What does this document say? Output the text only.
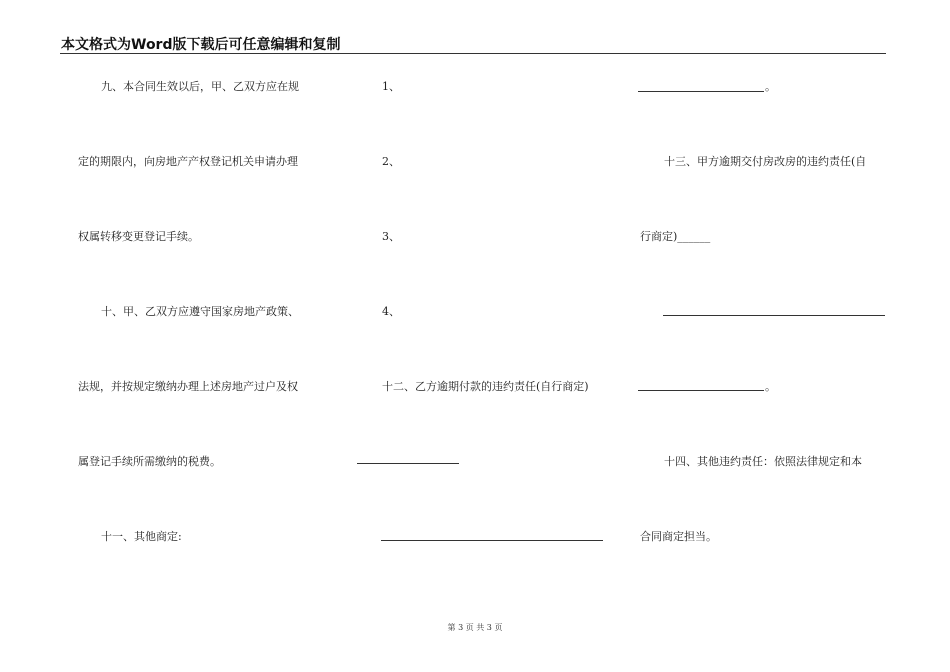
本文格式为Word版下载后可任意编辑和复制
九、本合同生效以后，甲、乙双方应在规
定的期限内，向房地产产权登记机关申请办理
权属转移变更登记手续。
十、甲、乙双方应遵守国家房地产政策、
法规，并按规定缴纳办理上述房地产过户及权
属登记手续所需缴纳的税费。
十一、其他商定:
1、
2、
3、
4、
十二、乙方逾期付款的违约责任(自行商定)
。
十三、甲方逾期交付房改房的违约责任(自
行商定)______
。
十四、其他违约责任：依照法律规定和本
合同商定担当。
第 3 页 共 3 页
